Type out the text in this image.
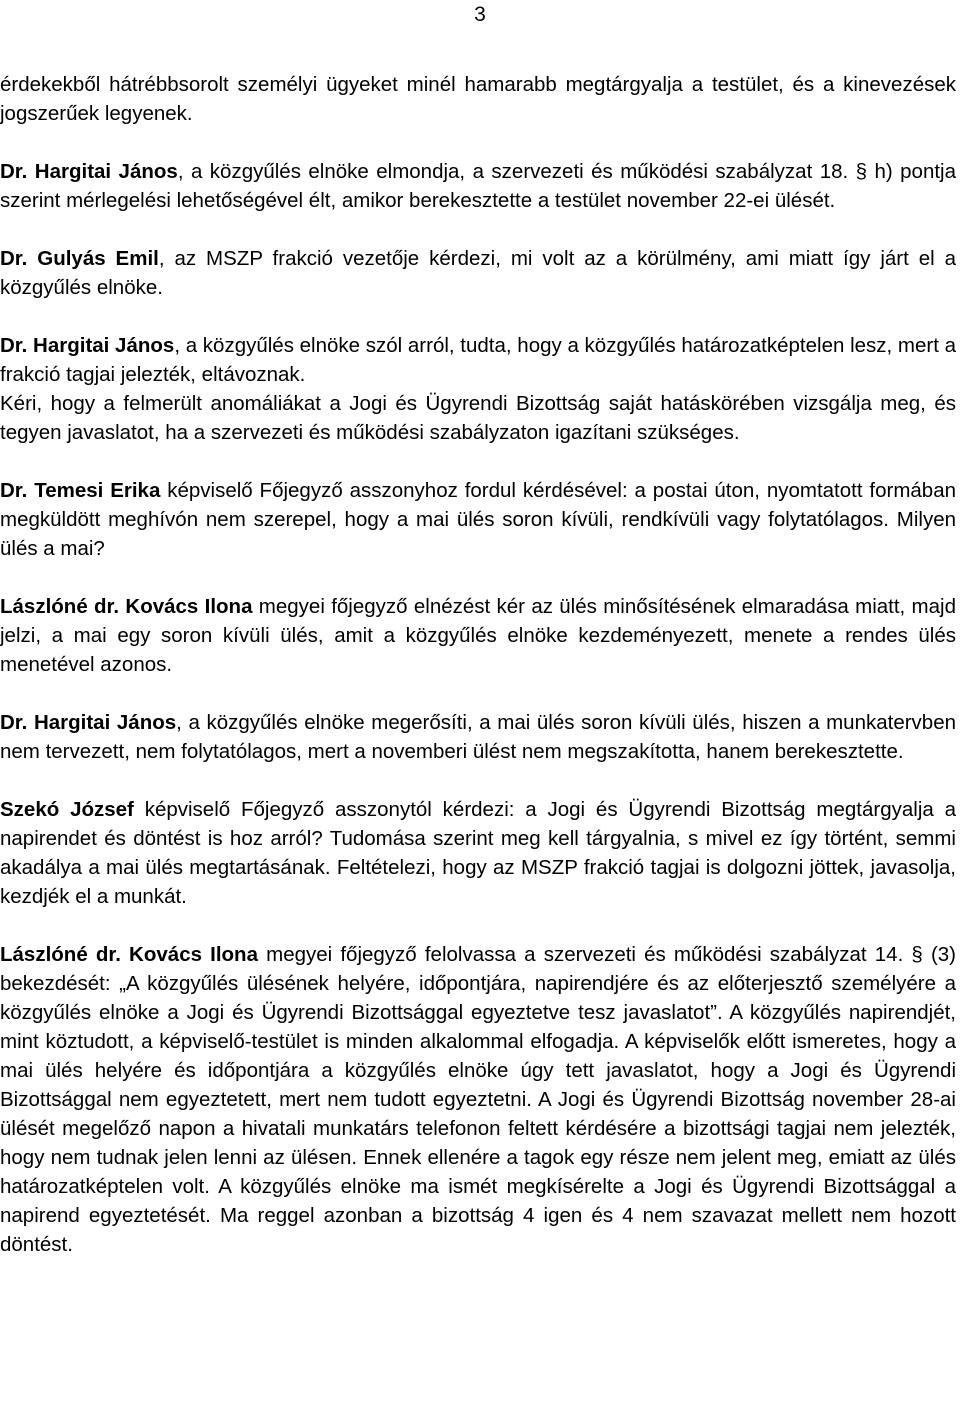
3

érdekekből hátrébbsorolt személyi ügyeket minél hamarabb megtárgyalja a testület, és a kinevezések jogszerűek legyenek.

Dr. Hargitai János, a közgyűlés elnöke elmondja, a szervezeti és működési szabályzat 18. § h) pontja szerint mérlegelési lehetőségével élt, amikor berekesztette a testület november 22-ei ülését.

Dr. Gulyás Emil, az MSZP frakció vezetője kérdezi, mi volt az a körülmény, ami miatt így járt el a közgyűlés elnöke.

Dr. Hargitai János, a közgyűlés elnöke szól arról, tudta, hogy a közgyűlés határozatképtelen lesz, mert a frakció tagjai jelezték, eltávoznak.

Kéri, hogy a felmerült anomáliákat a Jogi és Ügyrendi Bizottság saját hatáskörében vizsgálja meg, és tegyen javaslatot, ha a szervezeti és működési szabályzaton igazítani szükséges.

Dr. Temesi Erika képviselő Főjegyző asszonyhoz fordul kérdésével: a postai úton, nyomtatott formában megküldött meghívón nem szerepel, hogy a mai ülés soron kívüli, rendkívüli vagy folytatólagos. Milyen ülés a mai?

Lászlóné dr. Kovács Ilona megyei főjegyző elnézést kér az ülés minősítésének elmaradása miatt, majd jelzi, a mai egy soron kívüli ülés, amit a közgyűlés elnöke kezdeményezett, menete a rendes ülés menetével azonos.

Dr. Hargitai János, a közgyűlés elnöke megerősíti, a mai ülés soron kívüli ülés, hiszen a munkatervben nem tervezett, nem folytatólagos, mert a novemberi ülést nem megszakította, hanem berekesztette.

Szekó József képviselő Főjegyző asszonytól kérdezi: a Jogi és Ügyrendi Bizottság megtárgyalja a napirendet és döntést is hoz arról? Tudomása szerint meg kell tárgyalnia, s mivel ez így történt, semmi akadálya a mai ülés megtartásának. Feltételezi, hogy az MSZP frakció tagjai is dolgozni jöttek, javasolja, kezdjék el a munkát.

Lászlóné dr. Kovács Ilona megyei főjegyző felolvassa a szervezeti és működési szabályzat 14. § (3) bekezdését: „A közgyűlés ülésének helyére, időpontjára, napirendjére és az előterjesztő személyére a közgyűlés elnöke a Jogi és Ügyrendi Bizottsággal egyeztetve tesz javaslatot”. A közgyűlés napirendjét, mint köztudott, a képviselő-testület is minden alkalommal elfogadja. A képviselők előtt ismeretes, hogy a mai ülés helyére és időpontjára a közgyűlés elnöke úgy tett javaslatot, hogy a Jogi és Ügyrendi Bizottsággal nem egyeztetett, mert nem tudott egyeztetni. A Jogi és Ügyrendi Bizottság november 28-ai ülését megelőző napon a hivatali munkatárs telefonon feltett kérdésére a bizottsági tagjai nem jelezték, hogy nem tudnak jelen lenni az ülésen. Ennek ellenére a tagok egy része nem jelent meg, emiatt az ülés határozatképtelen volt. A közgyűlés elnöke ma ismét megkísérelte a Jogi és Ügyrendi Bizottsággal a napirend egyeztetését. Ma reggel azonban a bizottság 4 igen és 4 nem szavazat mellett nem hozott döntést.
